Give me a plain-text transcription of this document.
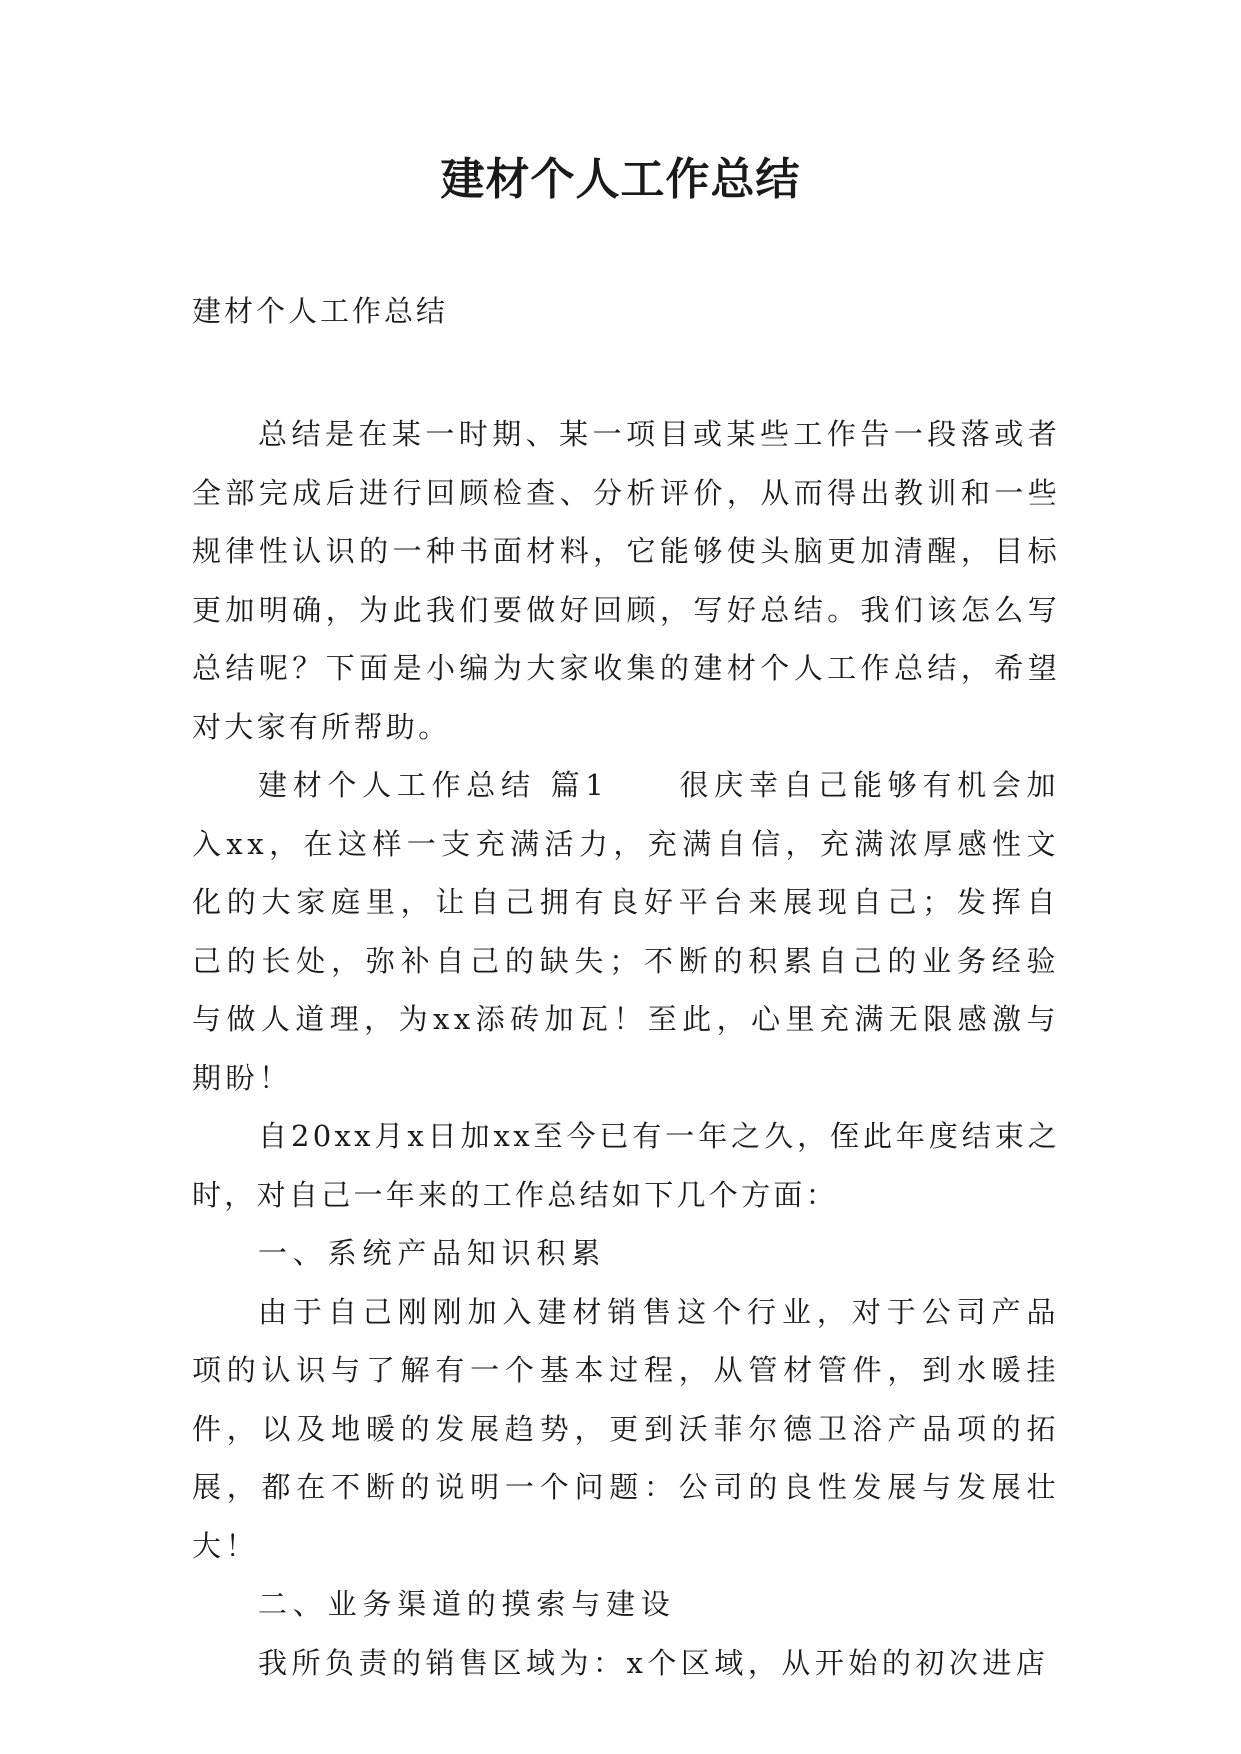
建材个人工作总结
建材个人工作总结

总结是在某一时期、某一项目或某些工作告一段落或者全部完成后进行回顾检查、分析评价，从而得出教训和一些规律性认识的一种书面材料，它能够使头脑更加清醒，目标更加明确，为此我们要做好回顾，写好总结。我们该怎么写总结呢？下面是小编为大家收集的建材个人工作总结，希望对大家有所帮助。

建材个人工作总结 篇1 很庆幸自己能够有机会加入xx，在这样一支充满活力，充满自信，充满浓厚感性文化的大家庭里，让自己拥有良好平台来展现自己；发挥自己的长处，弥补自己的缺失；不断的积累自己的业务经验与做人道理，为xx添砖加瓦！至此，心里充满无限感激与期盼！

自20xx月x日加xx至今已有一年之久，侄此年度结束之时，对自己一年来的工作总结如下几个方面：

一、系统产品知识积累

由于自己刚刚加入建材销售这个行业，对于公司产品项的认识与了解有一个基本过程，从管材管件，到水暖挂件，以及地暖的发展趋势，更到沃菲尔德卫浴产品项的拓展，都在不断的说明一个问题：公司的良性发展与发展壮大！

二、业务渠道的摸索与建设

我所负责的销售区域为：x个区域，从开始的初次进店
